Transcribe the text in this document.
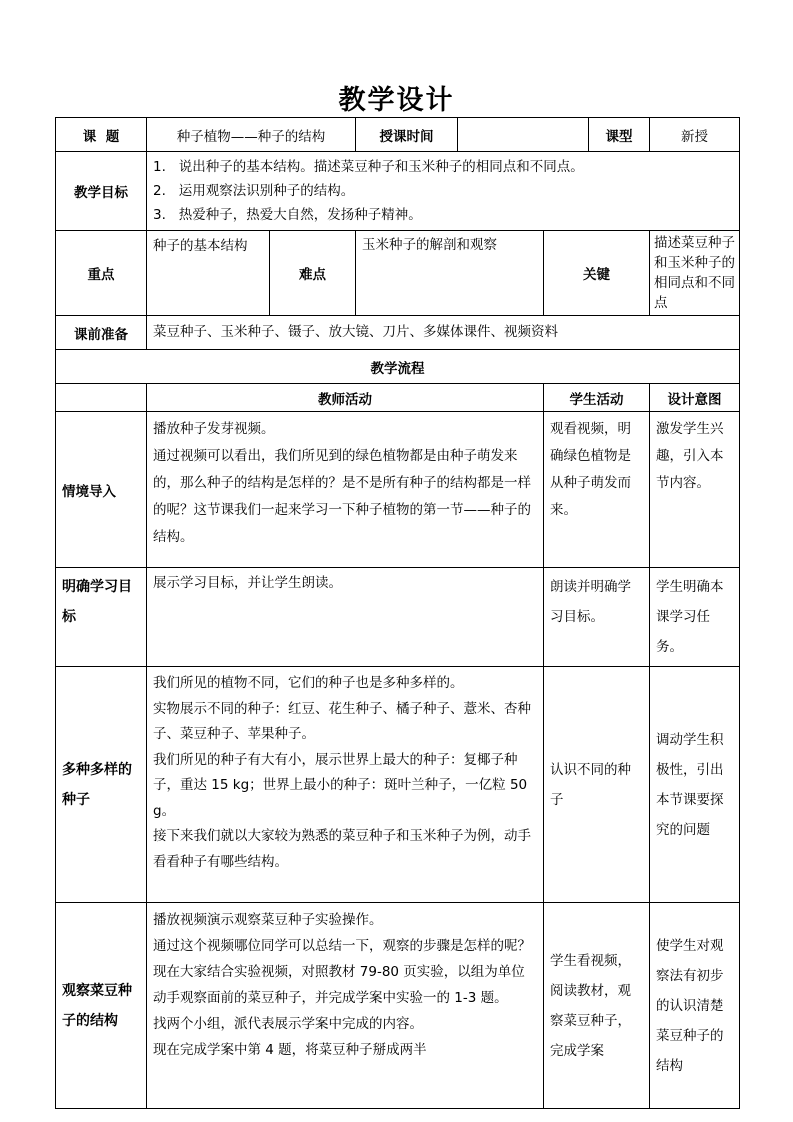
教学设计
课  题	种子植物——种子的结构		授课时间			课型	新授
教学目标	1.   说出种子的基本结构。描述菜豆种子和玉米种子的相同点和不同点。

2.   运用观察法识别种子的结构。

3.   热爱种子，热爱大自然，发扬种子精神。						

重点	种子的基本结构	难点	玉米种子的解剖和观察		关键		描述菜豆种子和玉米种子的相同点和不同点
课前准备	菜豆种子、玉米种子、镊子、放大镜、刀片、多媒体课件、视频资料						
教学流程							
	教师活动				学生活动		设计意图
情境导入	播放种子发芽视频。

通过视频可以看出，我们所见到的绿色植物都是由种子萌发来的，那么种子的结构是怎样的？是不是所有种子的结构都是一样的呢？这节课我们一起来学习一下种子植物的第一节——种子的结构。				观看视频，明确绿色植物是从种子萌发而来。		激发学生兴趣，引入本节内容。
明确学习目标	展示学习目标，并让学生朗读。				朗读并明确学习目标。		学生明确本课学习任务。
多种多样的种子	我们所见的植物不同，它们的种子也是多种多样的。

实物展示不同的种子：红豆、花生种子、橘子种子、薏米、杏种子、菜豆种子、苹果种子。

我们所见的种子有大有小，展示世界上最大的种子：复椰子种子，重达 15 kg；世界上最小的种子：斑叶兰种子，一亿粒 50 g。

接下来我们就以大家较为熟悉的菜豆种子和玉米种子为例，动手看看种子有哪些结构。				认识不同的种子		调动学生积极性，引出本节课要探究的问题
观察菜豆种子的结构	播放视频演示观察菜豆种子实验操作。

通过这个视频哪位同学可以总结一下，观察的步骤是怎样的呢？

现在大家结合实验视频，对照教材 79-80 页实验，以组为单位动手观察面前的菜豆种子，并完成学案中实验一的 1-3 题。

找两个小组，派代表展示学案中完成的内容。

现在完成学案中第 4 题，将菜豆种子掰成两半				学生看视频，阅读教材，观察菜豆种子，完成学案		使学生对观察法有初步的认识清楚菜豆种子的结构
